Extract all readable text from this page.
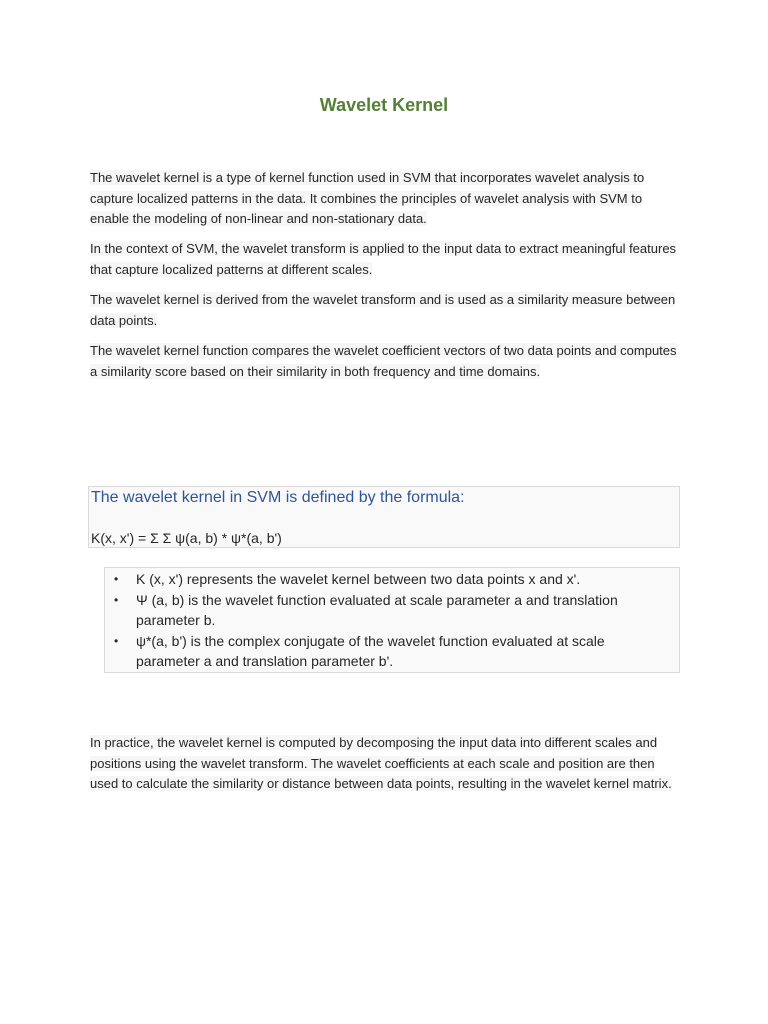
Wavelet Kernel
The wavelet kernel is a type of kernel function used in SVM that incorporates wavelet analysis to capture localized patterns in the data. It combines the principles of wavelet analysis with SVM to enable the modeling of non-linear and non-stationary data.
In the context of SVM, the wavelet transform is applied to the input data to extract meaningful features that capture localized patterns at different scales.
The wavelet kernel is derived from the wavelet transform and is used as a similarity measure between data points.
The wavelet kernel function compares the wavelet coefficient vectors of two data points and computes a similarity score based on their similarity in both frequency and time domains.
The wavelet kernel in SVM is defined by the formula:
K(x, x') = Σ Σ ψ(a, b) * ψ*(a, b')
• K (x, x') represents the wavelet kernel between two data points x and x'.
• Ψ (a, b) is the wavelet function evaluated at scale parameter a and translation parameter b.
• ψ*(a, b') is the complex conjugate of the wavelet function evaluated at scale parameter a and translation parameter b'.
In practice, the wavelet kernel is computed by decomposing the input data into different scales and positions using the wavelet transform. The wavelet coefficients at each scale and position are then used to calculate the similarity or distance between data points, resulting in the wavelet kernel matrix.
